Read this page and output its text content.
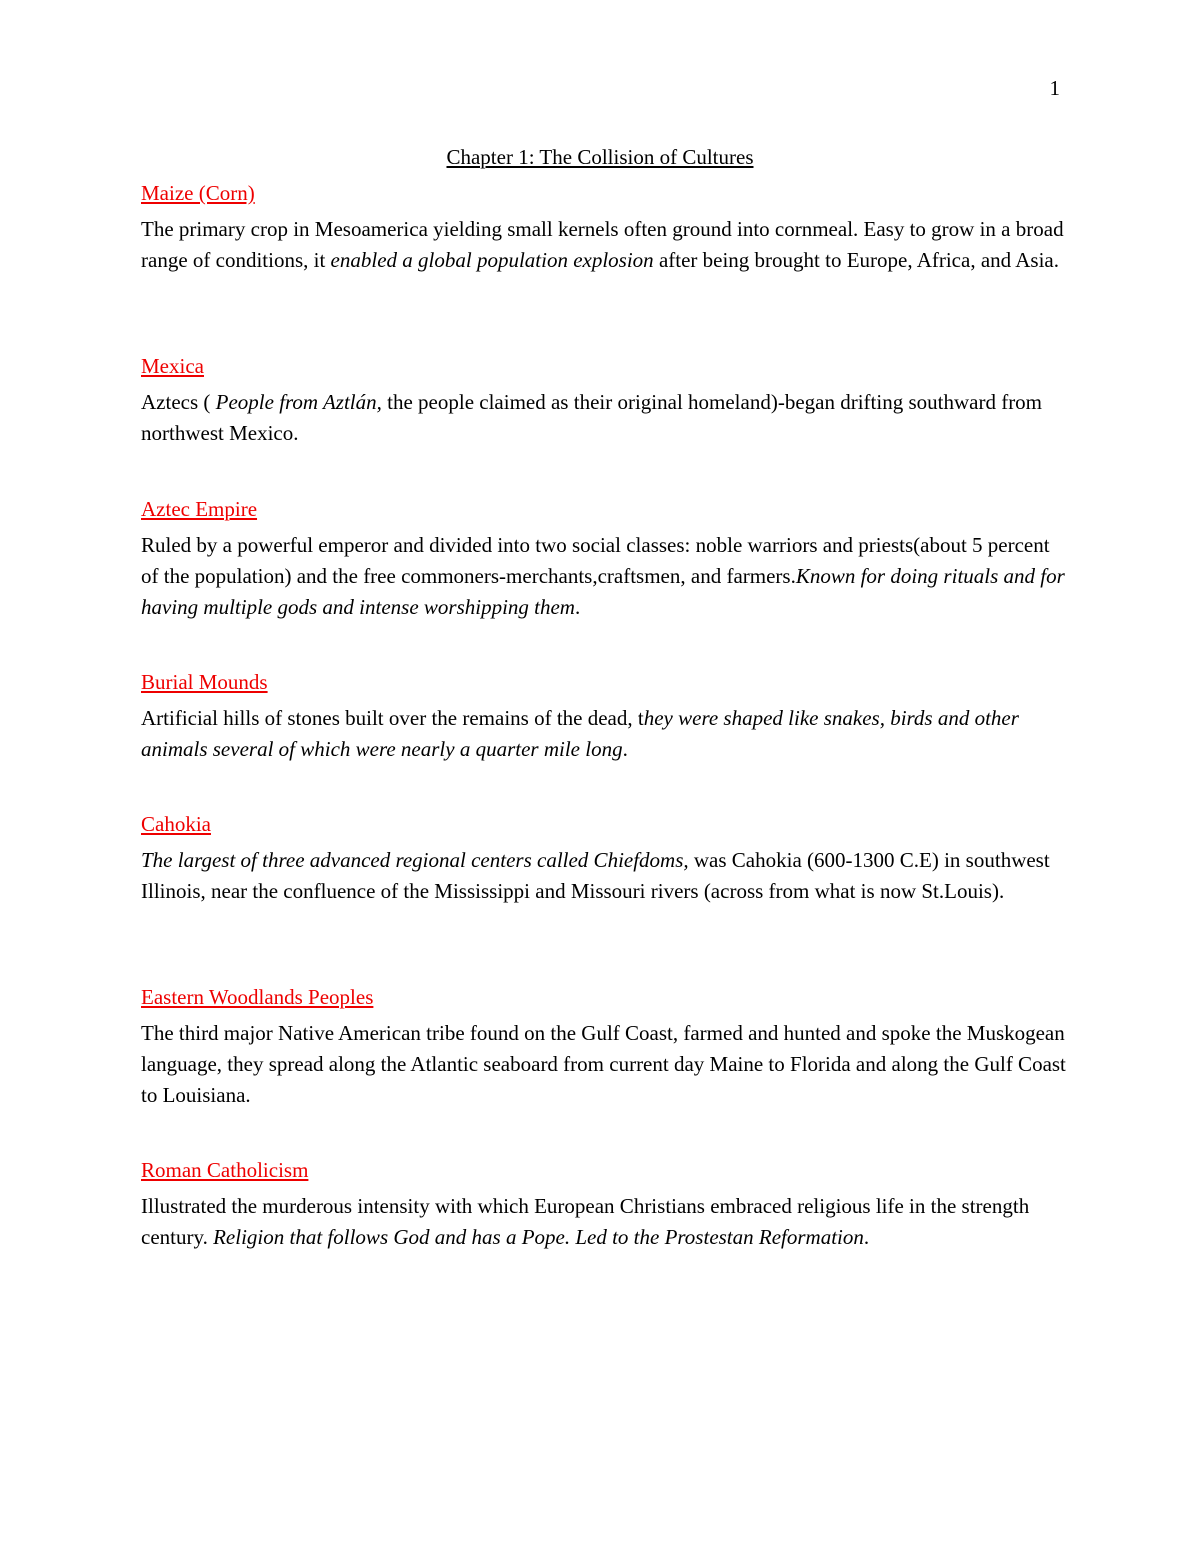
1
Chapter 1: The Collision of Cultures
Maize (Corn)

The primary crop in Mesoamerica yielding small kernels often ground into cornmeal. Easy to grow in a broad range of conditions, it enabled a global population explosion after being brought to Europe, Africa, and Asia.

Mexica

Aztecs ( People from Aztlán, the people claimed as their original homeland)-began drifting southward from northwest Mexico.

Aztec Empire

Ruled by a powerful emperor and divided into two social classes: noble warriors and priests(about 5 percent of the population) and the free commoners-merchants,craftsmen, and farmers.Known for doing rituals and for having multiple gods and intense worshipping them.

Burial Mounds

Artificial hills of stones built over the remains of the dead, they were shaped like snakes, birds and other animals several of which were nearly a quarter mile long.

Cahokia

The largest of three advanced regional centers called Chiefdoms, was Cahokia (600-1300 C.E) in southwest Illinois, near the confluence of the Mississippi and Missouri rivers (across from what is now St.Louis).

Eastern Woodlands Peoples

The third major Native American tribe found on the Gulf Coast, farmed and hunted and spoke the Muskogean language, they spread along the Atlantic seaboard from current day Maine to Florida and along the Gulf Coast to Louisiana.

Roman Catholicism

Illustrated the murderous intensity with which European Christians embraced religious life in the strength century. Religion that follows God and has a Pope. Led to the Prostestan Reformation.
